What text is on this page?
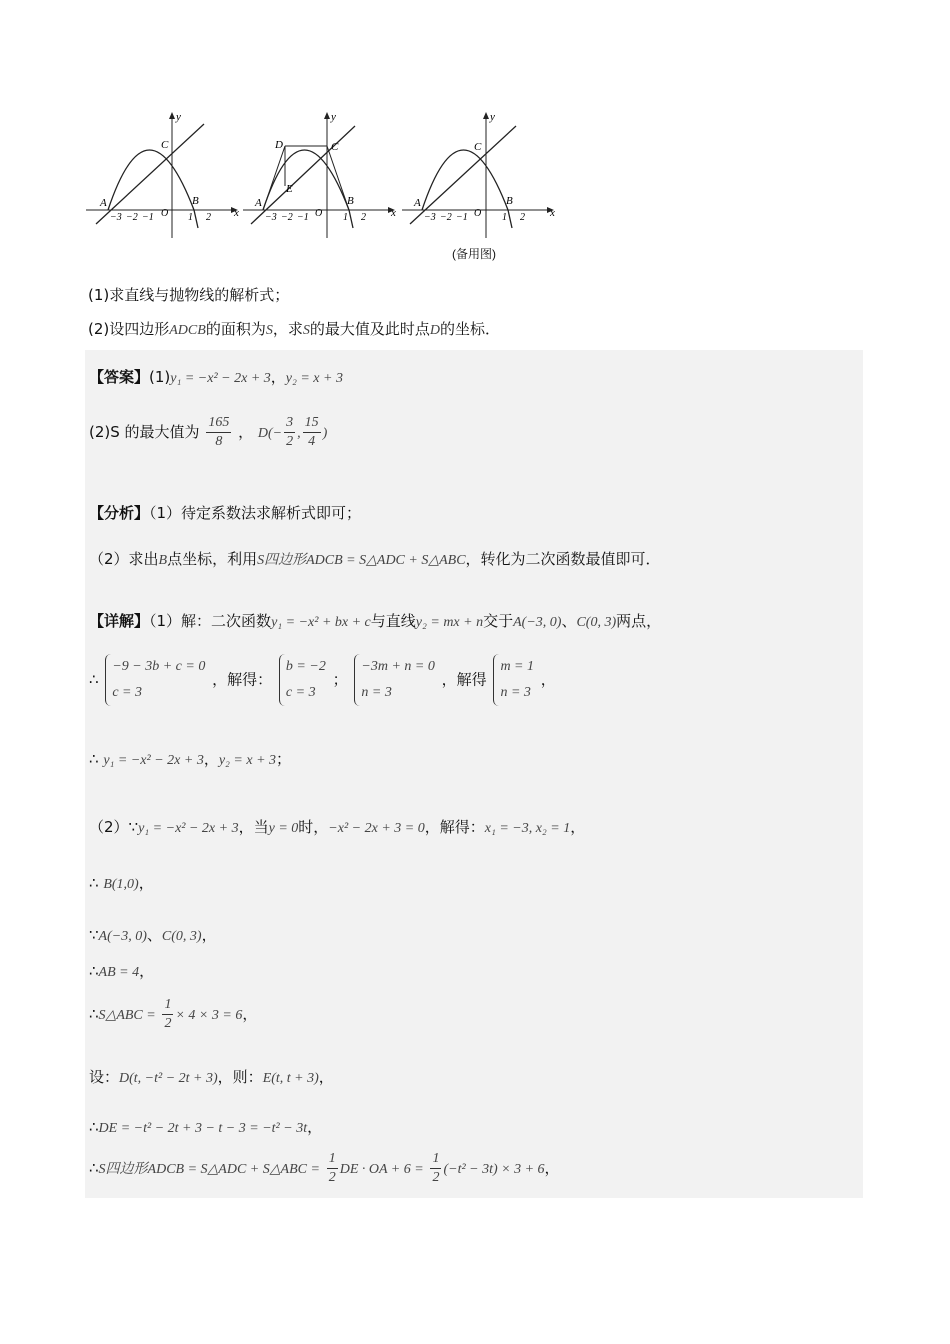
A	B
C
O	x
y
−3 −2 −1	1 2
A	B
C
D
E
O	x
y
−3 −2 −1	1 2
A	B
C
O	x
y
−3 −2 −1	1 2
(备用图)
(1)求直线与抛物线的解析式；
(2)设四边形ADCB的面积为S，求S的最大值及此时点D的坐标．
【答案】(1)y₁ = −x² − 2x + 3，y₂ = x + 3
(2)S 的最大值为 $\frac{165}{8}$ ， $D(- \frac{3}{2}$ , $\frac{15}{4}$ )
【分析】（1）待定系数法求解析式即可；
（2）求出B点坐标，利用S四边形ADCB = S△ADC + S△ABC，转化为二次函数最值即可．
【详解】（1）解：二次函数y₁ = −x² + bx + c与直线y₂ = mx + n交于A(−3, 0)、C(0, 3)两点，
∴
−9 − 3b + c = 0
c = 3
，解得：
b = −2
c = 3
；
−3m + n = 0
n = 3
，解得
m = 1
n = 3
，
∴ y₁ = −x² − 2x + 3，y₂ = x + 3；
（2）∵y₁ = −x² − 2x + 3，当y = 0时，−x² − 2x + 3 = 0，解得：x₁ = −3, x₂ = 1，
∴ B(1,0)，
∵A(−3, 0)、C(0, 3)，
∴AB = 4，
∴S△ABC = $\frac{1}{2} \times 4 \times 3 = 6$，
设：D(t, −t² − 2t + 3)，则：E(t, t + 3)，
∴DE = −t² − 2t + 3 − t − 3 = −t² − 3t，
∴S四边形ADCB = S△ADC + S△ABC = $\frac{1}{2}$ DE · OA + $6 = \frac{1}{2} (-t^2 - 3t) \times 3 + 6$，
